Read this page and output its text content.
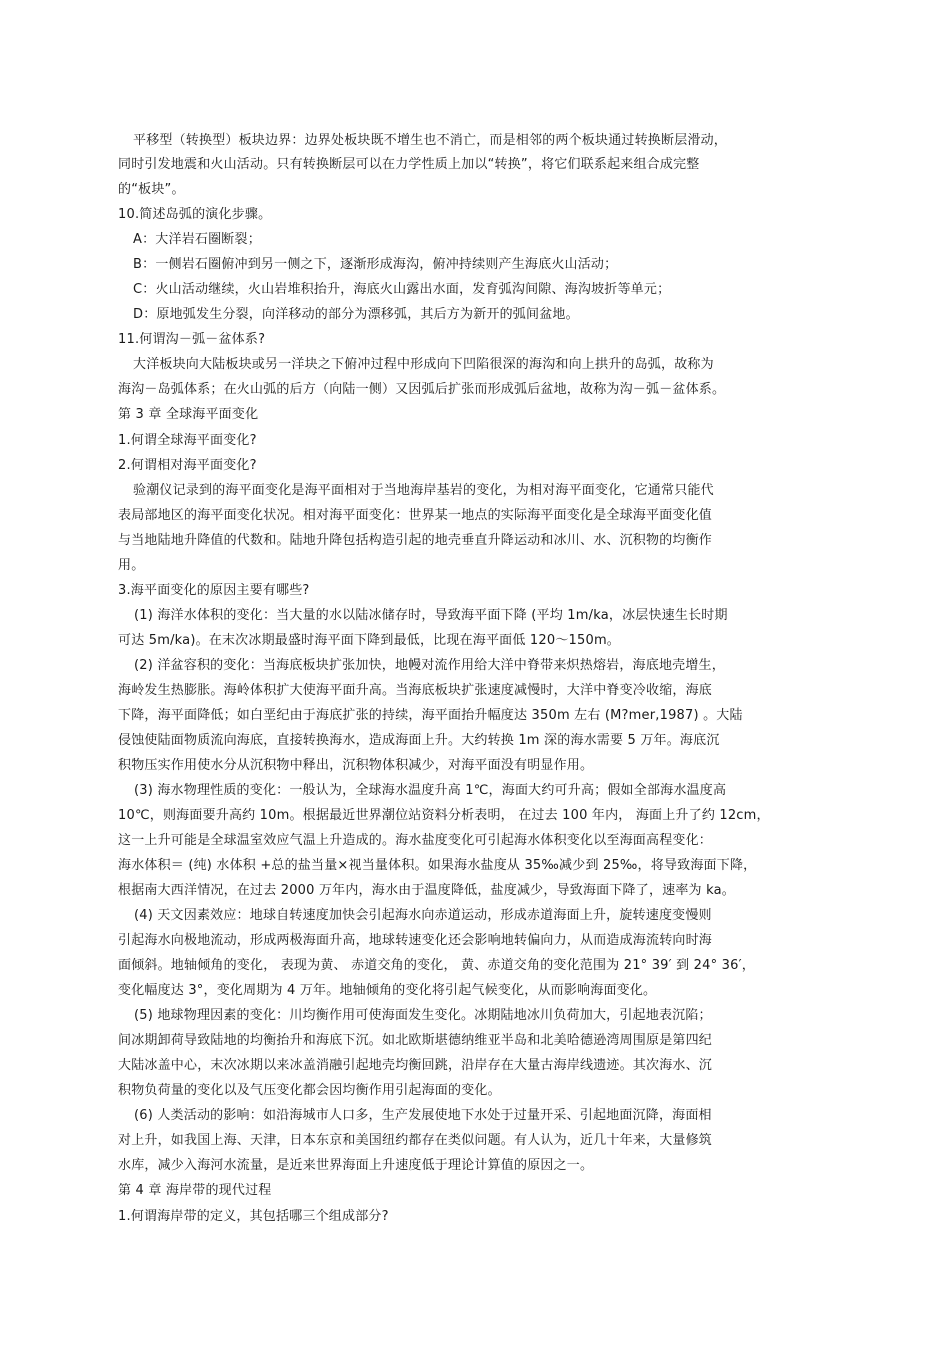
平移型（转换型）板块边界：边界处板块既不增生也不消亡，而是相邻的两个板块通过转换断层滑动，
同时引发地震和火山活动。只有转换断层可以在力学性质上加以“转换”，将它们联系起来组合成完整
的“板块”。
10.简述岛弧的演化步骤。
A：大洋岩石圈断裂；
B：一侧岩石圈俯冲到另一侧之下，逐渐形成海沟，俯冲持续则产生海底火山活动；
C：火山活动继续，火山岩堆积抬升，海底火山露出水面，发育弧沟间隙、海沟坡折等单元；
D：原地弧发生分裂，向洋移动的部分为漂移弧，其后方为新开的弧间盆地。
11.何谓沟－弧－盆体系?
大洋板块向大陆板块或另一洋块之下俯冲过程中形成向下凹陷很深的海沟和向上拱升的岛弧，故称为
海沟－岛弧体系；在火山弧的后方（向陆一侧）又因弧后扩张而形成弧后盆地，故称为沟－弧－盆体系。
第 3 章 全球海平面变化
1.何谓全球海平面变化?
2.何谓相对海平面变化?
验潮仪记录到的海平面变化是海平面相对于当地海岸基岩的变化，为相对海平面变化，它通常只能代
表局部地区的海平面变化状况。相对海平面变化：世界某一地点的实际海平面变化是全球海平面变化值
与当地陆地升降值的代数和。陆地升降包括构造引起的地壳垂直升降运动和冰川、水、沉积物的均衡作
用。
3.海平面变化的原因主要有哪些?
(1) 海洋水体积的变化：当大量的水以陆冰储存时，导致海平面下降 (平均 1m/ka，冰层快速生长时期
可达 5m/ka)。在末次冰期最盛时海平面下降到最低，比现在海平面低 120～150m。
(2) 洋盆容积的变化：当海底板块扩张加快，地幔对流作用给大洋中脊带来炽热熔岩，海底地壳增生，
海岭发生热膨胀。海岭体积扩大使海平面升高。当海底板块扩张速度减慢时，大洋中脊变冷收缩，海底
下降，海平面降低；如白垩纪由于海底扩张的持续，海平面抬升幅度达 350m 左右 (M?mer,1987) 。大陆
侵蚀使陆面物质流向海底，直接转换海水，造成海面上升。大约转换 1m 深的海水需要 5 万年。海底沉
积物压实作用使水分从沉积物中释出，沉积物体积减少，对海平面没有明显作用。
(3) 海水物理性质的变化：一般认为，全球海水温度升高 1℃，海面大约可升高；假如全部海水温度高
10℃，则海面要升高约 10m。根据最近世界潮位站资料分析表明， 在过去 100 年内， 海面上升了约 12cm，
这一上升可能是全球温室效应气温上升造成的。海水盐度变化可引起海水体积变化以至海面高程变化：
海水体积＝ (纯) 水体积 +总的盐当量×视当量体积。如果海水盐度从 35‰减少到 25‰，将导致海面下降，
根据南大西洋情况，在过去 2000 万年内，海水由于温度降低，盐度减少，导致海面下降了，速率为 ka。
(4) 天文因素效应：地球自转速度加快会引起海水向赤道运动，形成赤道海面上升，旋转速度变慢则
引起海水向极地流动，形成两极海面升高，地球转速变化还会影响地转偏向力，从而造成海流转向时海
面倾斜。地轴倾角的变化， 表现为黄、 赤道交角的变化， 黄、赤道交角的变化范围为 21° 39′ 到 24° 36′，
变化幅度达 3°，变化周期为 4 万年。地轴倾角的变化将引起气候变化，从而影响海面变化。
(5) 地球物理因素的变化：川均衡作用可使海面发生变化。冰期陆地冰川负荷加大，引起地表沉陷；
间冰期卸荷导致陆地的均衡抬升和海底下沉。如北欧斯堪德纳维亚半岛和北美哈德逊湾周围原是第四纪
大陆冰盖中心，末次冰期以来冰盖消融引起地壳均衡回跳，沿岸存在大量古海岸线遗迹。其次海水、沉
积物负荷量的变化以及气压变化都会因均衡作用引起海面的变化。
(6) 人类活动的影响：如沿海城市人口多，生产发展使地下水处于过量开采、引起地面沉降，海面相
对上升，如我国上海、天津，日本东京和美国纽约都存在类似问题。有人认为，近几十年来，大量修筑
水库，减少入海河水流量，是近来世界海面上升速度低于理论计算值的原因之一。
第 4 章 海岸带的现代过程
1.何谓海岸带的定义，其包括哪三个组成部分?
